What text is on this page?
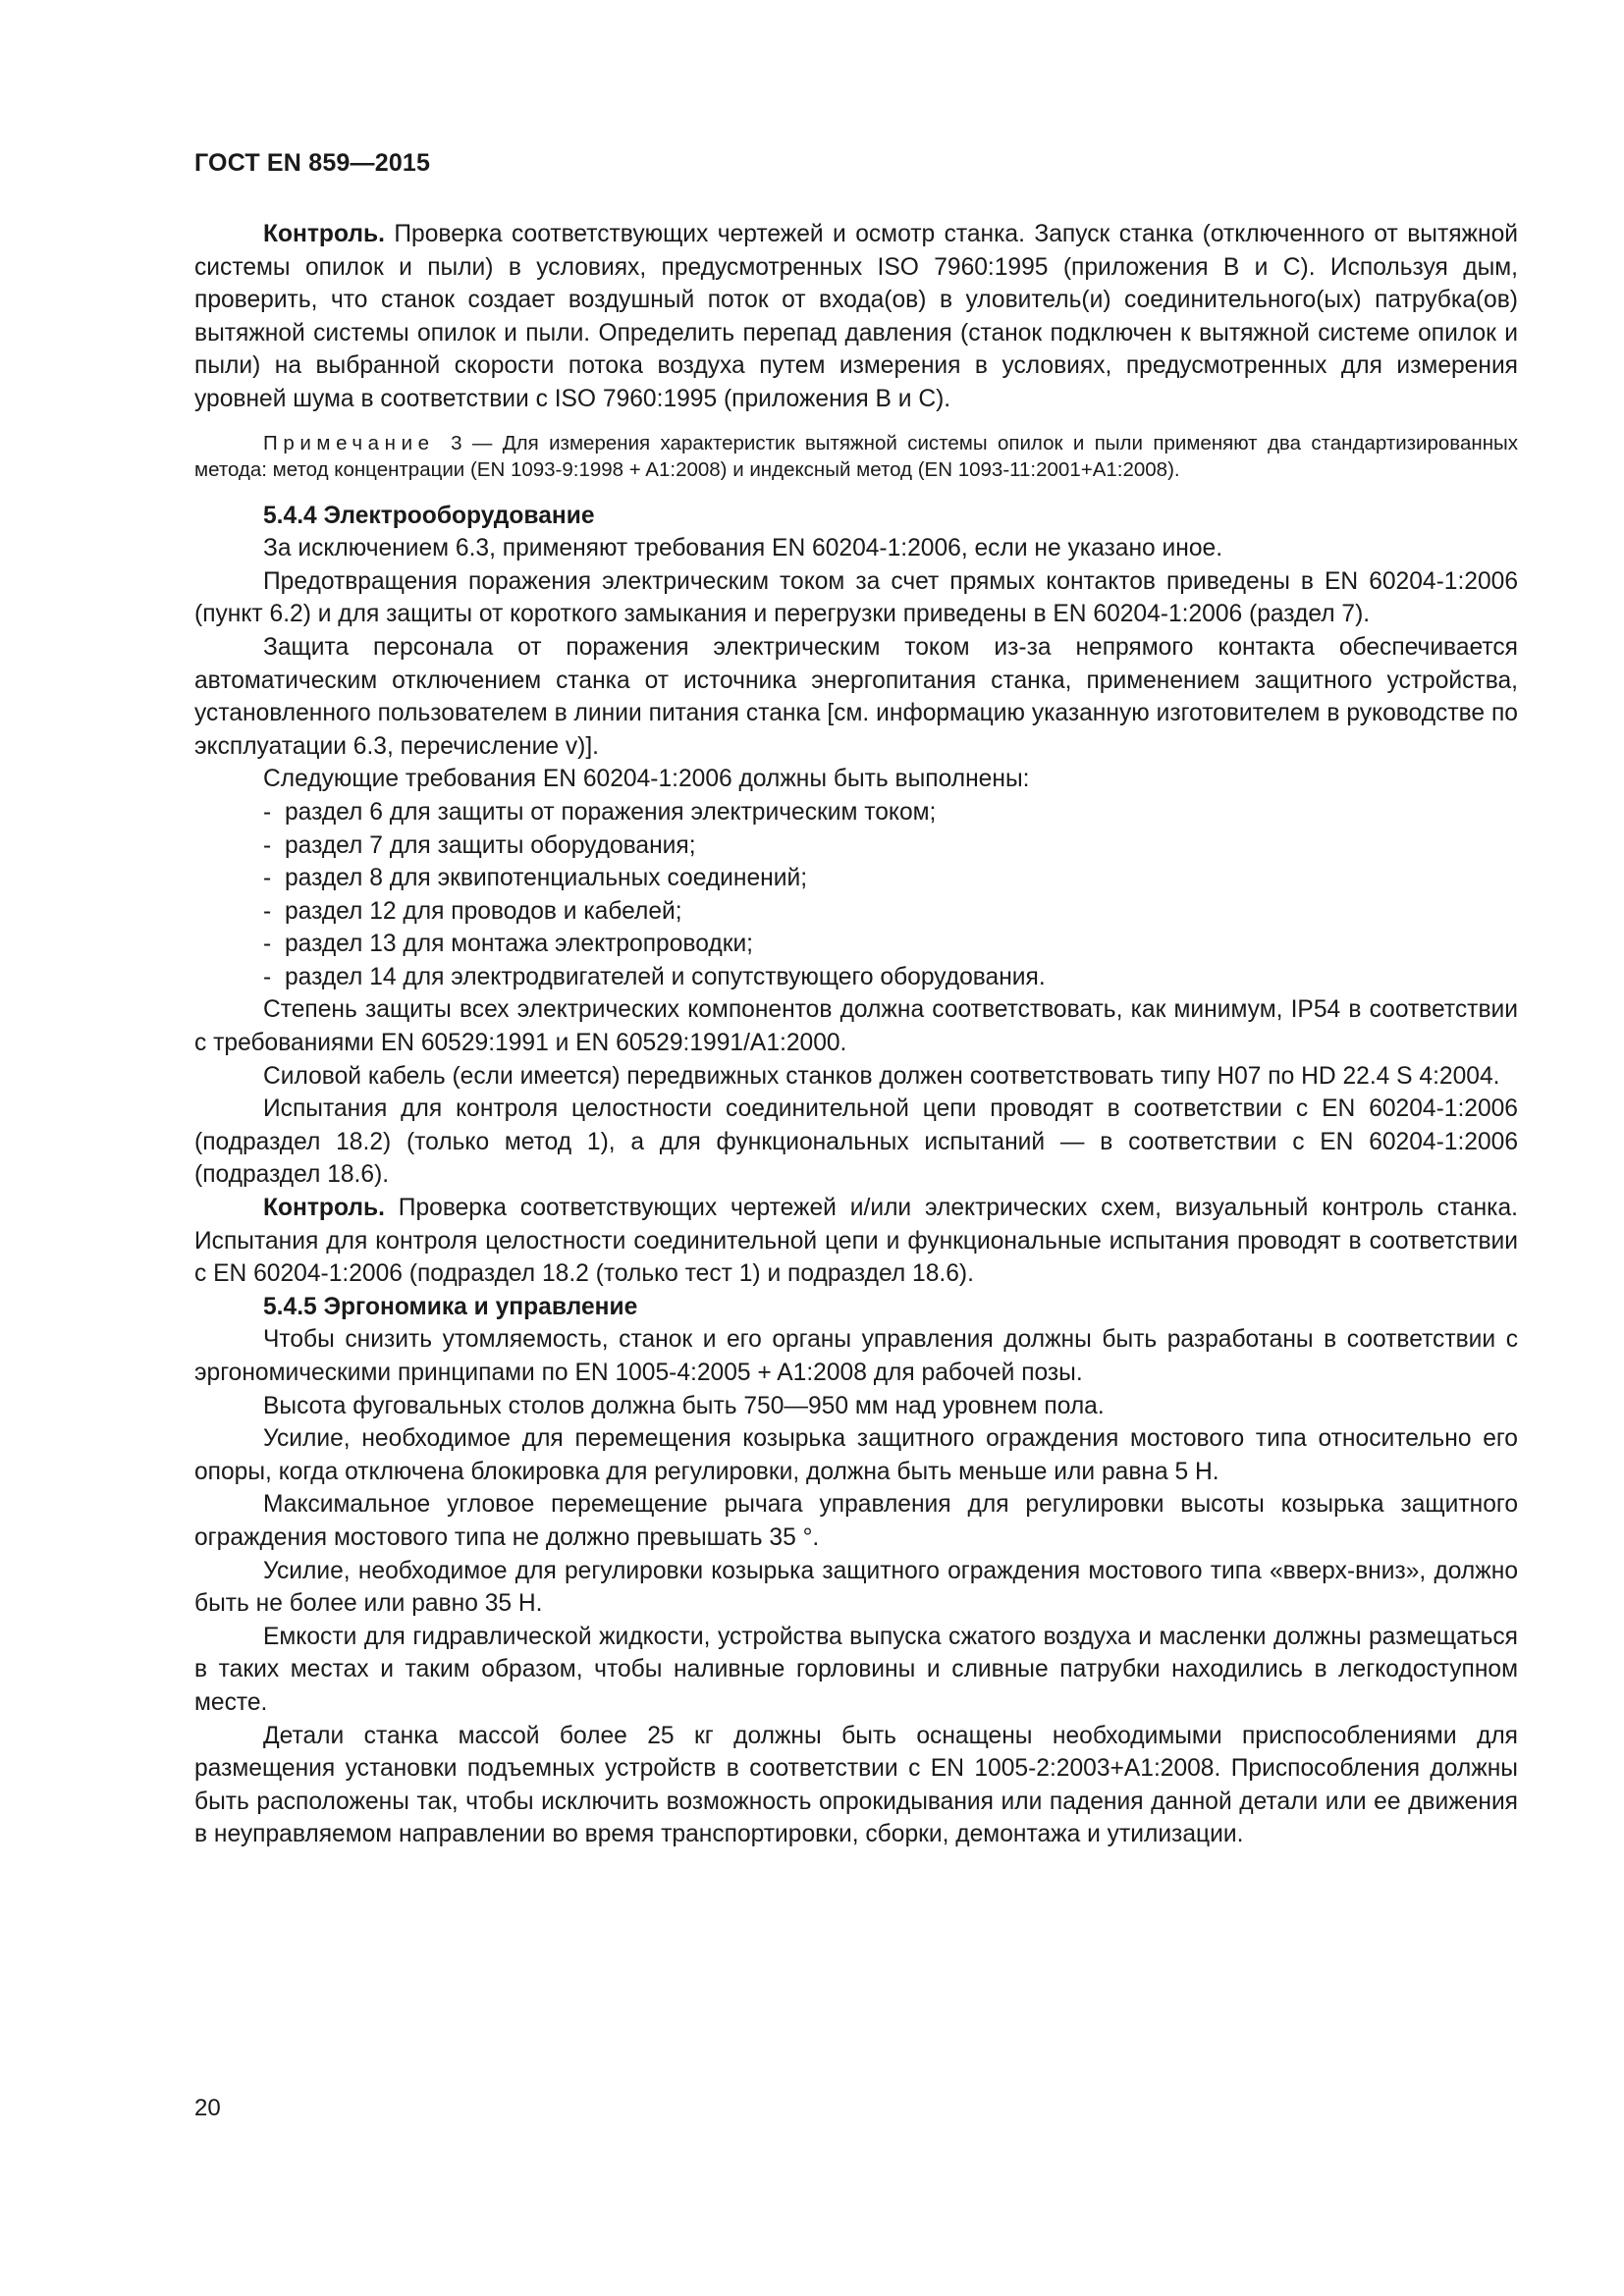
ГОСТ EN 859—2015

Контроль. Проверка соответствующих чертежей и осмотр станка. Запуск станка (отключенного от вытяжной системы опилок и пыли) в условиях, предусмотренных ISO 7960:1995 (приложения В и С). Используя дым, проверить, что станок создает воздушный поток от входа(ов) в уловитель(и) соединительного(ых) патрубка(ов) вытяжной системы опилок и пыли. Определить перепад давления (станок подключен к вытяжной системе опилок и пыли) на выбранной скорости потока воздуха путем измерения в условиях, предусмотренных для измерения уровней шума в соответствии с ISO 7960:1995 (приложения В и С).

Примечание 3 — Для измерения характеристик вытяжной системы опилок и пыли применяют два стандартизированных метода: метод концентрации (EN 1093-9:1998 + A1:2008) и индексный метод (EN 1093-11:2001+A1:2008).
5.4.4 Электрооборудование

За исключением 6.3, применяют требования EN 60204-1:2006, если не указано иное.

Предотвращения поражения электрическим током за счет прямых контактов приведены в EN 60204-1:2006 (пункт 6.2) и для защиты от короткого замыкания и перегрузки приведены в EN 60204-1:2006 (раздел 7).

Защита персонала от поражения электрическим током из-за непрямого контакта обеспечивается автоматическим отключением станка от источника энергопитания станка, применением защитного устройства, установленного пользователем в линии питания станка [см. информацию указанную изготовителем в руководстве по эксплуатации 6.3, перечисление v)].

Следующие требования EN 60204-1:2006 должны быть выполнены:

- раздел 6 для защиты от поражения электрическим током;
- раздел 7 для защиты оборудования;
- раздел 8 для эквипотенциальных соединений;
- раздел 12 для проводов и кабелей;
- раздел 13 для монтажа электропроводки;
- раздел 14 для электродвигателей и сопутствующего оборудования.

Степень защиты всех электрических компонентов должна соответствовать, как минимум, IP54 в соответствии с требованиями EN 60529:1991 и EN 60529:1991/A1:2000.

Силовой кабель (если имеется) передвижных станков должен соответствовать типу H07 по HD 22.4 S 4:2004.

Испытания для контроля целостности соединительной цепи проводят в соответствии с EN 60204-1:2006 (подраздел 18.2) (только метод 1), а для функциональных испытаний — в соответствии с EN 60204-1:2006 (подраздел 18.6).

Контроль. Проверка соответствующих чертежей и/или электрических схем, визуальный контроль станка. Испытания для контроля целостности соединительной цепи и функциональные испытания проводят в соответствии с EN 60204-1:2006 (подраздел 18.2 (только тест 1) и подраздел 18.6).

5.4.5 Эргономика и управление

Чтобы снизить утомляемость, станок и его органы управления должны быть разработаны в соответствии с эргономическими принципами по EN 1005-4:2005 + A1:2008 для рабочей позы.

Высота фуговальных столов должна быть 750—950 мм над уровнем пола.

Усилие, необходимое для перемещения козырька защитного ограждения мостового типа относительно его опоры, когда отключена блокировка для регулировки, должна быть меньше или равна 5 Н.

Максимальное угловое перемещение рычага управления для регулировки высоты козырька защитного ограждения мостового типа не должно превышать 35 °.

Усилие, необходимое для регулировки козырька защитного ограждения мостового типа «вверх-вниз», должно быть не более или равно 35 Н.

Емкости для гидравлической жидкости, устройства выпуска сжатого воздуха и масленки должны размещаться в таких местах и таким образом, чтобы наливные горловины и сливные патрубки находились в легкодоступном месте.

Детали станка массой более 25 кг должны быть оснащены необходимыми приспособлениями для размещения установки подъемных устройств в соответствии с EN 1005-2:2003+A1:2008. Приспособления должны быть расположены так, чтобы исключить возможность опрокидывания или падения данной детали или ее движения в неуправляемом направлении во время транспортировки, сборки, демонтажа и утилизации.

20
